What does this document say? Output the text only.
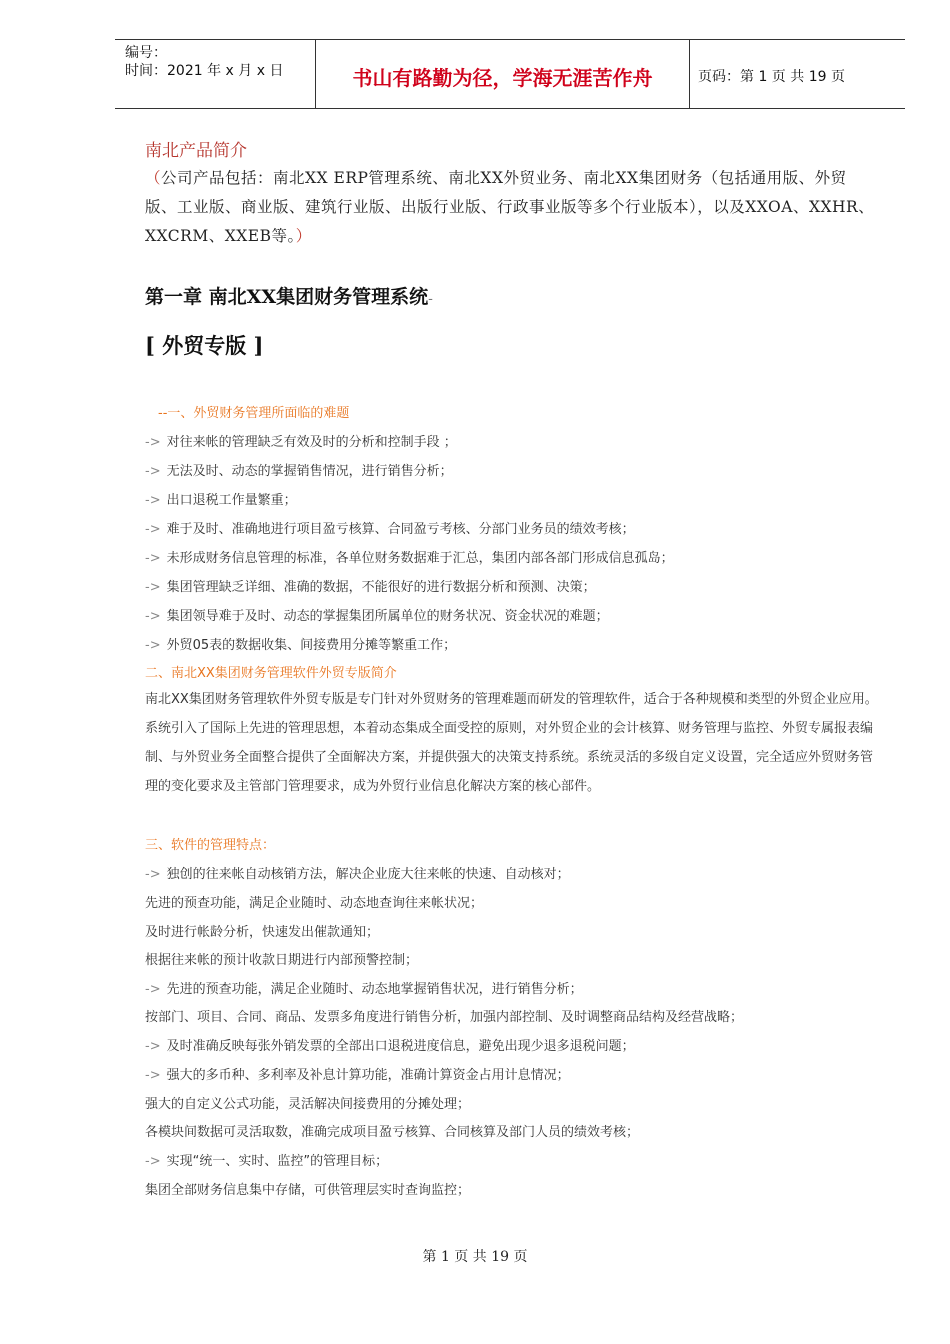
编号：
时间：2021 年 x 月 x 日	书山有路勤为径，学海无涯苦作舟	页码：第 1 页 共 19 页
南北产品简介
（公司产品包括：南北XX ERP管理系统、南北XX外贸业务、南北XX集团财务（包括通用版、外贸版、工业版、商业版、建筑行业版、出版行业版、行政事业版等多个行业版本），以及XXOA、XXHR、XXCRM、XXEB等。）
第一章 南北XX集团财务管理系统-
[ 外贸专版 ]
--一、外贸财务管理所面临的难题
-> 对往来帐的管理缺乏有效及时的分析和控制手段 ；
-> 无法及时、动态的掌握销售情况，进行销售分析；
-> 出口退税工作量繁重；
-> 难于及时、准确地进行项目盈亏核算、合同盈亏考核、分部门业务员的绩效考核；
-> 未形成财务信息管理的标准，各单位财务数据难于汇总，集团内部各部门形成信息孤岛；
-> 集团管理缺乏详细、准确的数据，不能很好的进行数据分析和预测、决策；
-> 集团领导难于及时、动态的掌握集团所属单位的财务状况、资金状况的难题；
-> 外贸05表的数据收集、间接费用分摊等繁重工作；
二、南北XX集团财务管理软件外贸专版简介
南北XX集团财务管理软件外贸专版是专门针对外贸财务的管理难题而研发的管理软件，适合于各种规模和类型的外贸企业应用。系统引入了国际上先进的管理思想，本着动态集成全面受控的原则，对外贸企业的会计核算、财务管理与监控、外贸专属报表编制、与外贸业务全面整合提供了全面解决方案，并提供强大的决策支持系统。系统灵活的多级自定义设置，完全适应外贸财务管理的变化要求及主管部门管理要求，成为外贸行业信息化解决方案的核心部件。
三、软件的管理特点：
-> 独创的往来帐自动核销方法，解决企业庞大往来帐的快速、自动核对；
先进的预查功能，满足企业随时、动态地查询往来帐状况；
及时进行帐龄分析，快速发出催款通知；
根据往来帐的预计收款日期进行内部预警控制；
-> 先进的预查功能，满足企业随时、动态地掌握销售状况，进行销售分析；
按部门、项目、合同、商品、发票多角度进行销售分析，加强内部控制、及时调整商品结构及经营战略；
-> 及时准确反映每张外销发票的全部出口退税进度信息，避免出现少退多退税问题；
-> 强大的多币种、多利率及补息计算功能，准确计算资金占用计息情况；
强大的自定义公式功能，灵活解决间接费用的分摊处理；
各模块间数据可灵活取数，准确完成项目盈亏核算、合同核算及部门人员的绩效考核；
-> 实现“统一、实时、监控”的管理目标；
集团全部财务信息集中存储，可供管理层实时查询监控；
第 1 页 共 19 页
